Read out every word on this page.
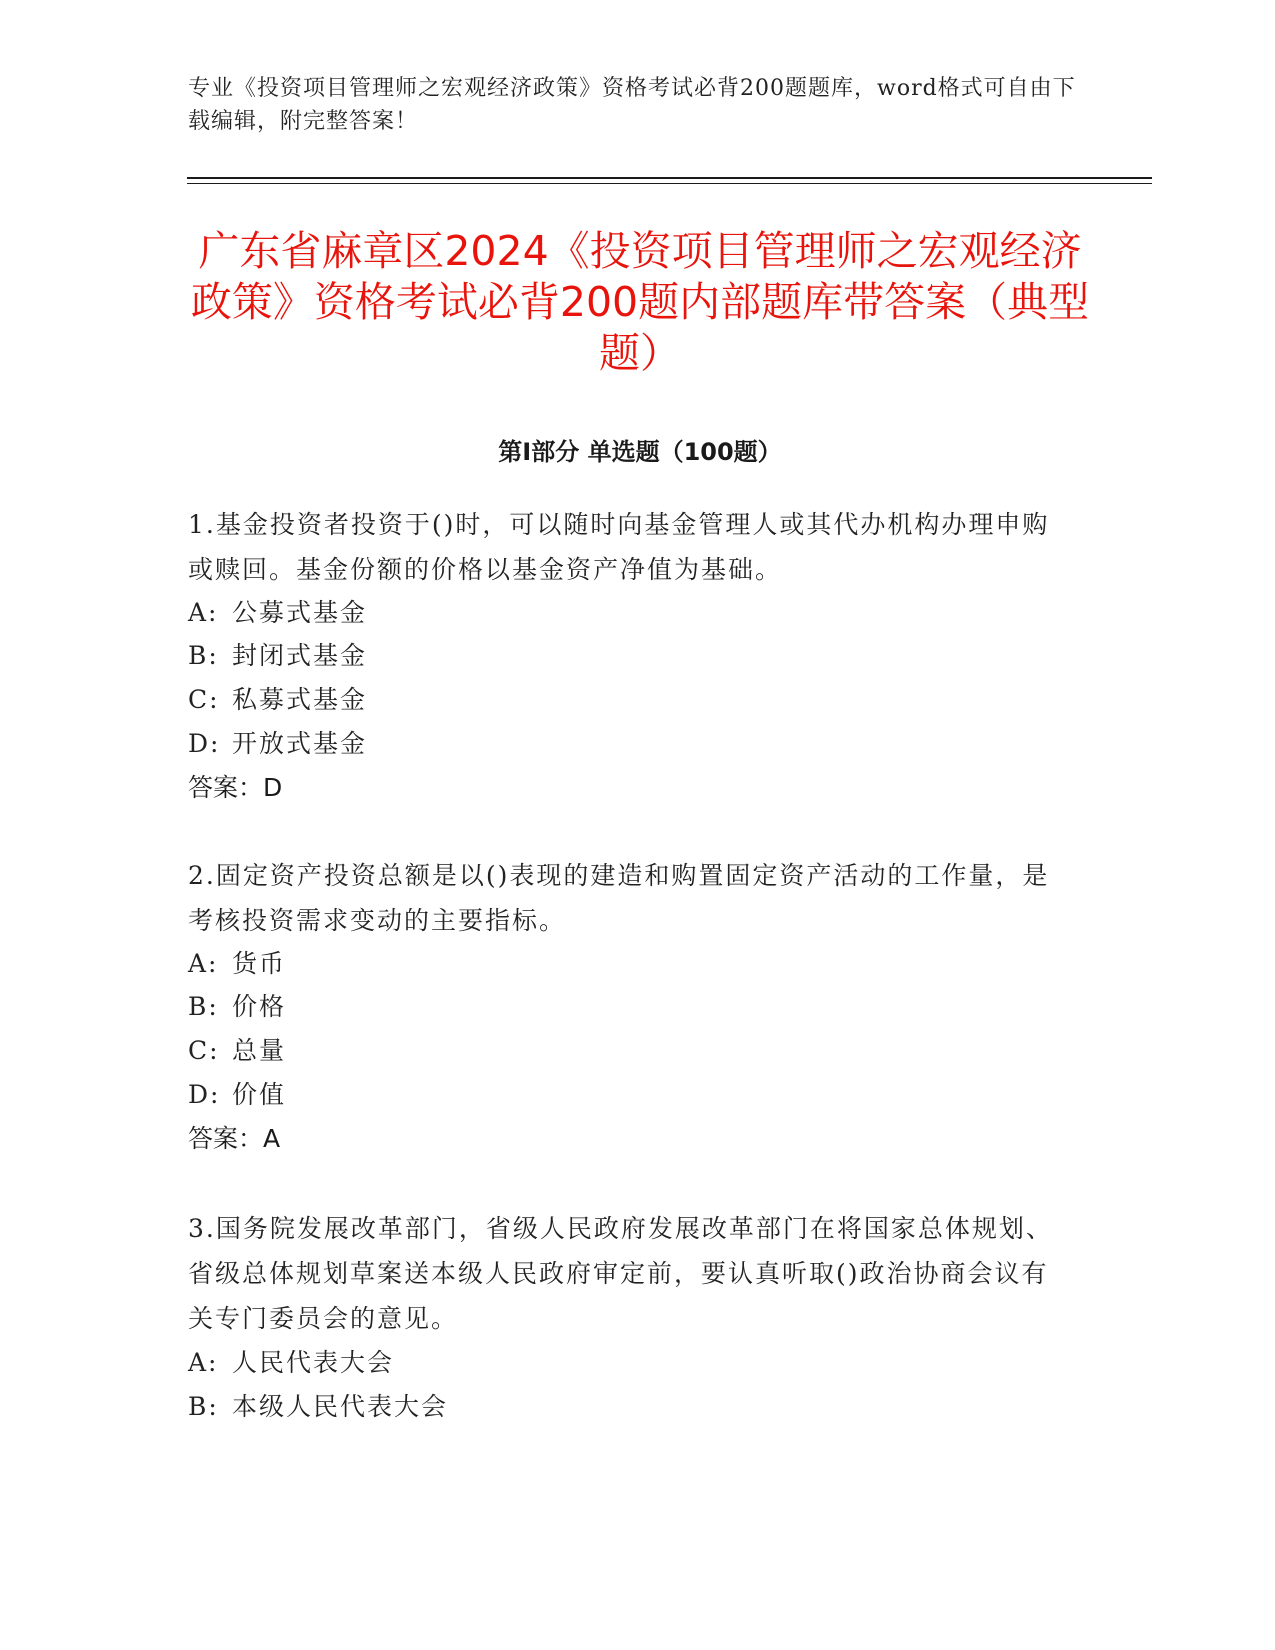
专业《投资项目管理师之宏观经济政策》资格考试必背200题题库，word格式可自由下载编辑，附完整答案！
广东省麻章区2024《投资项目管理师之宏观经济政策》资格考试必背200题内部题库带答案（典型题）
第I部分 单选题（100题）
1.基金投资者投资于()时，可以随时向基金管理人或其代办机构办理申购或赎回。基金份额的价格以基金资产净值为基础。
A: 公募式基金
B: 封闭式基金
C: 私募式基金
D: 开放式基金
答案：D
2.固定资产投资总额是以()表现的建造和购置固定资产活动的工作量，是考核投资需求变动的主要指标。
A: 货币
B: 价格
C: 总量
D: 价值
答案：A
3.国务院发展改革部门，省级人民政府发展改革部门在将国家总体规划、省级总体规划草案送本级人民政府审定前，要认真听取()政治协商会议有关专门委员会的意见。
A: 人民代表大会
B: 本级人民代表大会
